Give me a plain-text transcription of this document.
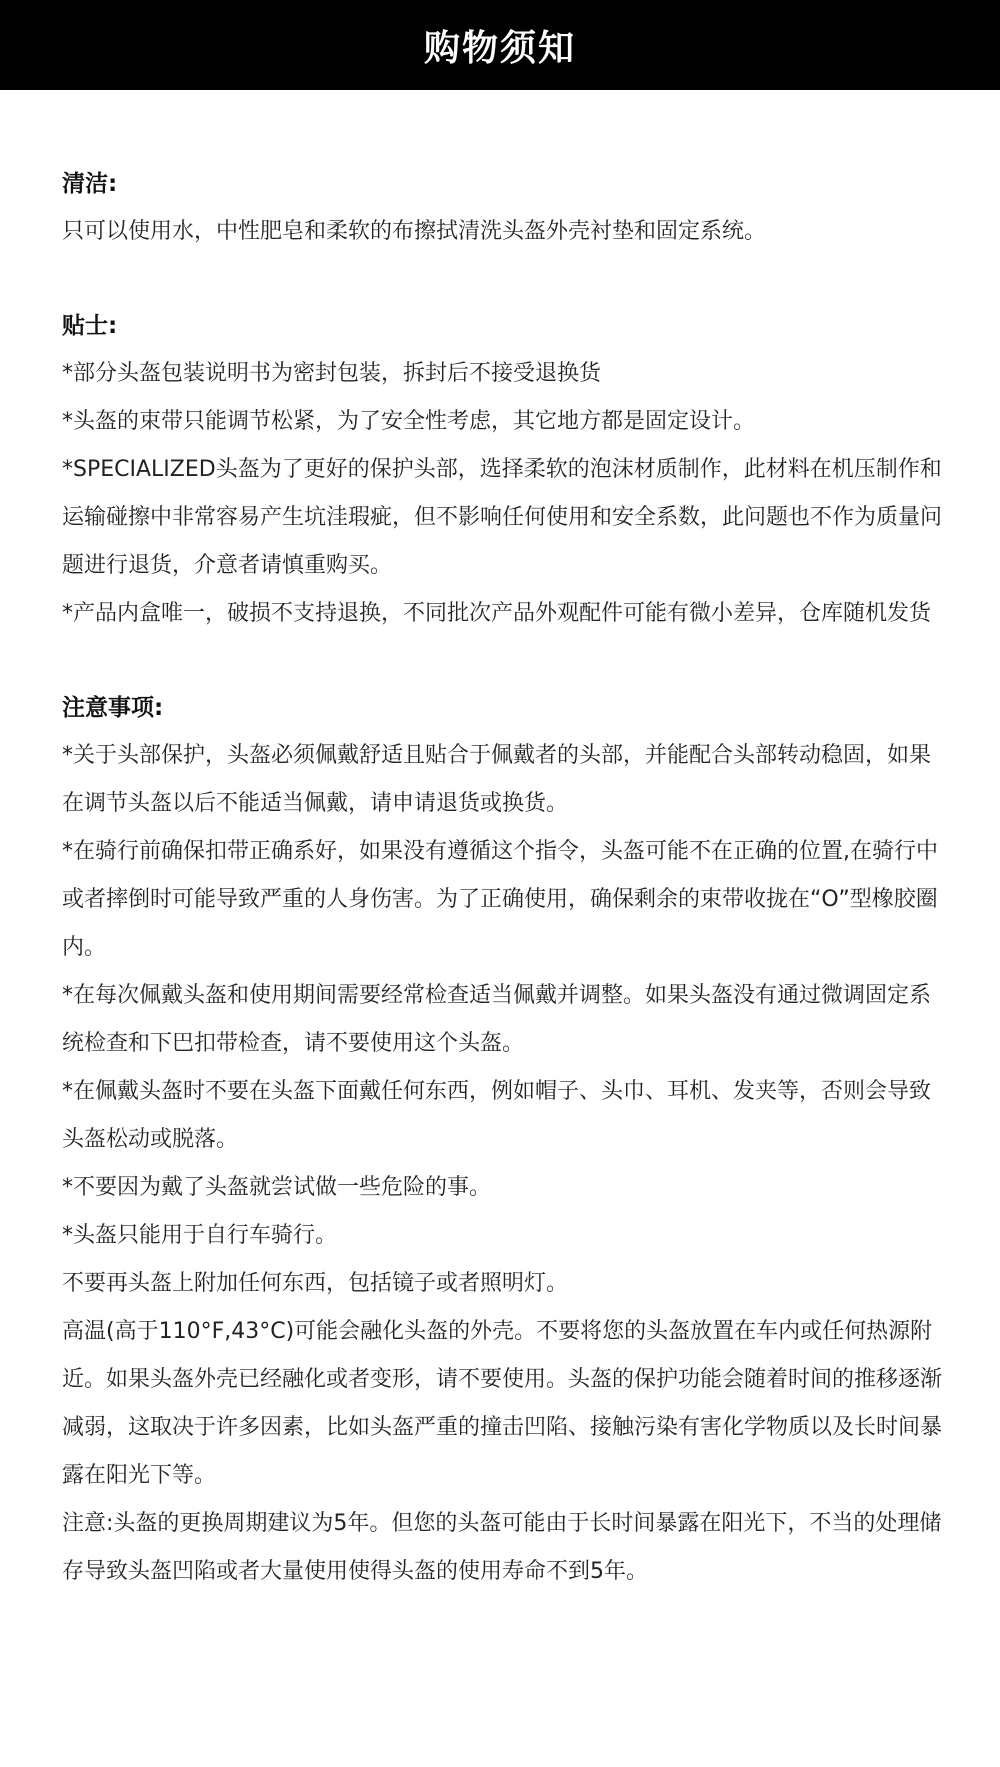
购物须知

清洁:

只可以使用水，中性肥皂和柔软的布擦拭清洗头盔外壳衬垫和固定系统。

贴士:

*部分头盔包装说明书为密封包装，拆封后不接受退换货

*头盔的束带只能调节松紧，为了安全性考虑，其它地方都是固定设计。

*SPECIALIZED头盔为了更好的保护头部，选择柔软的泡沫材质制作，此材料在机压制作和运输碰擦中非常容易产生坑洼瑕疵，但不影响任何使用和安全系数，此问题也不作为质量问题进行退货，介意者请慎重购买。

*产品内盒唯一，破损不支持退换，不同批次产品外观配件可能有微小差异，仓库随机发货

注意事项:

*关于头部保护，头盔必须佩戴舒适且贴合于佩戴者的头部，并能配合头部转动稳固，如果在调节头盔以后不能适当佩戴，请申请退货或换货。

*在骑行前确保扣带正确系好，如果没有遵循这个指令，头盔可能不在正确的位置,在骑行中或者摔倒时可能导致严重的人身伤害。为了正确使用，确保剩余的束带收拢在“O”型橡胶圈内。

*在每次佩戴头盔和使用期间需要经常检查适当佩戴并调整。如果头盔没有通过微调固定系统检查和下巴扣带检查，请不要使用这个头盔。

*在佩戴头盔时不要在头盔下面戴任何东西，例如帽子、头巾、耳机、发夹等，否则会导致头盔松动或脱落。

*不要因为戴了头盔就尝试做一些危险的事。

*头盔只能用于自行车骑行。

不要再头盔上附加任何东西，包括镜子或者照明灯。

高温(高于110°F,43°C)可能会融化头盔的外壳。不要将您的头盔放置在车内或任何热源附近。如果头盔外壳已经融化或者变形，请不要使用。头盔的保护功能会随着时间的推移逐渐减弱，这取决于许多因素，比如头盔严重的撞击凹陷、接触污染有害化学物质以及长时间暴露在阳光下等。

注意:头盔的更换周期建议为5年。但您的头盔可能由于长时间暴露在阳光下，不当的处理储存导致头盔凹陷或者大量使用使得头盔的使用寿命不到5年。
